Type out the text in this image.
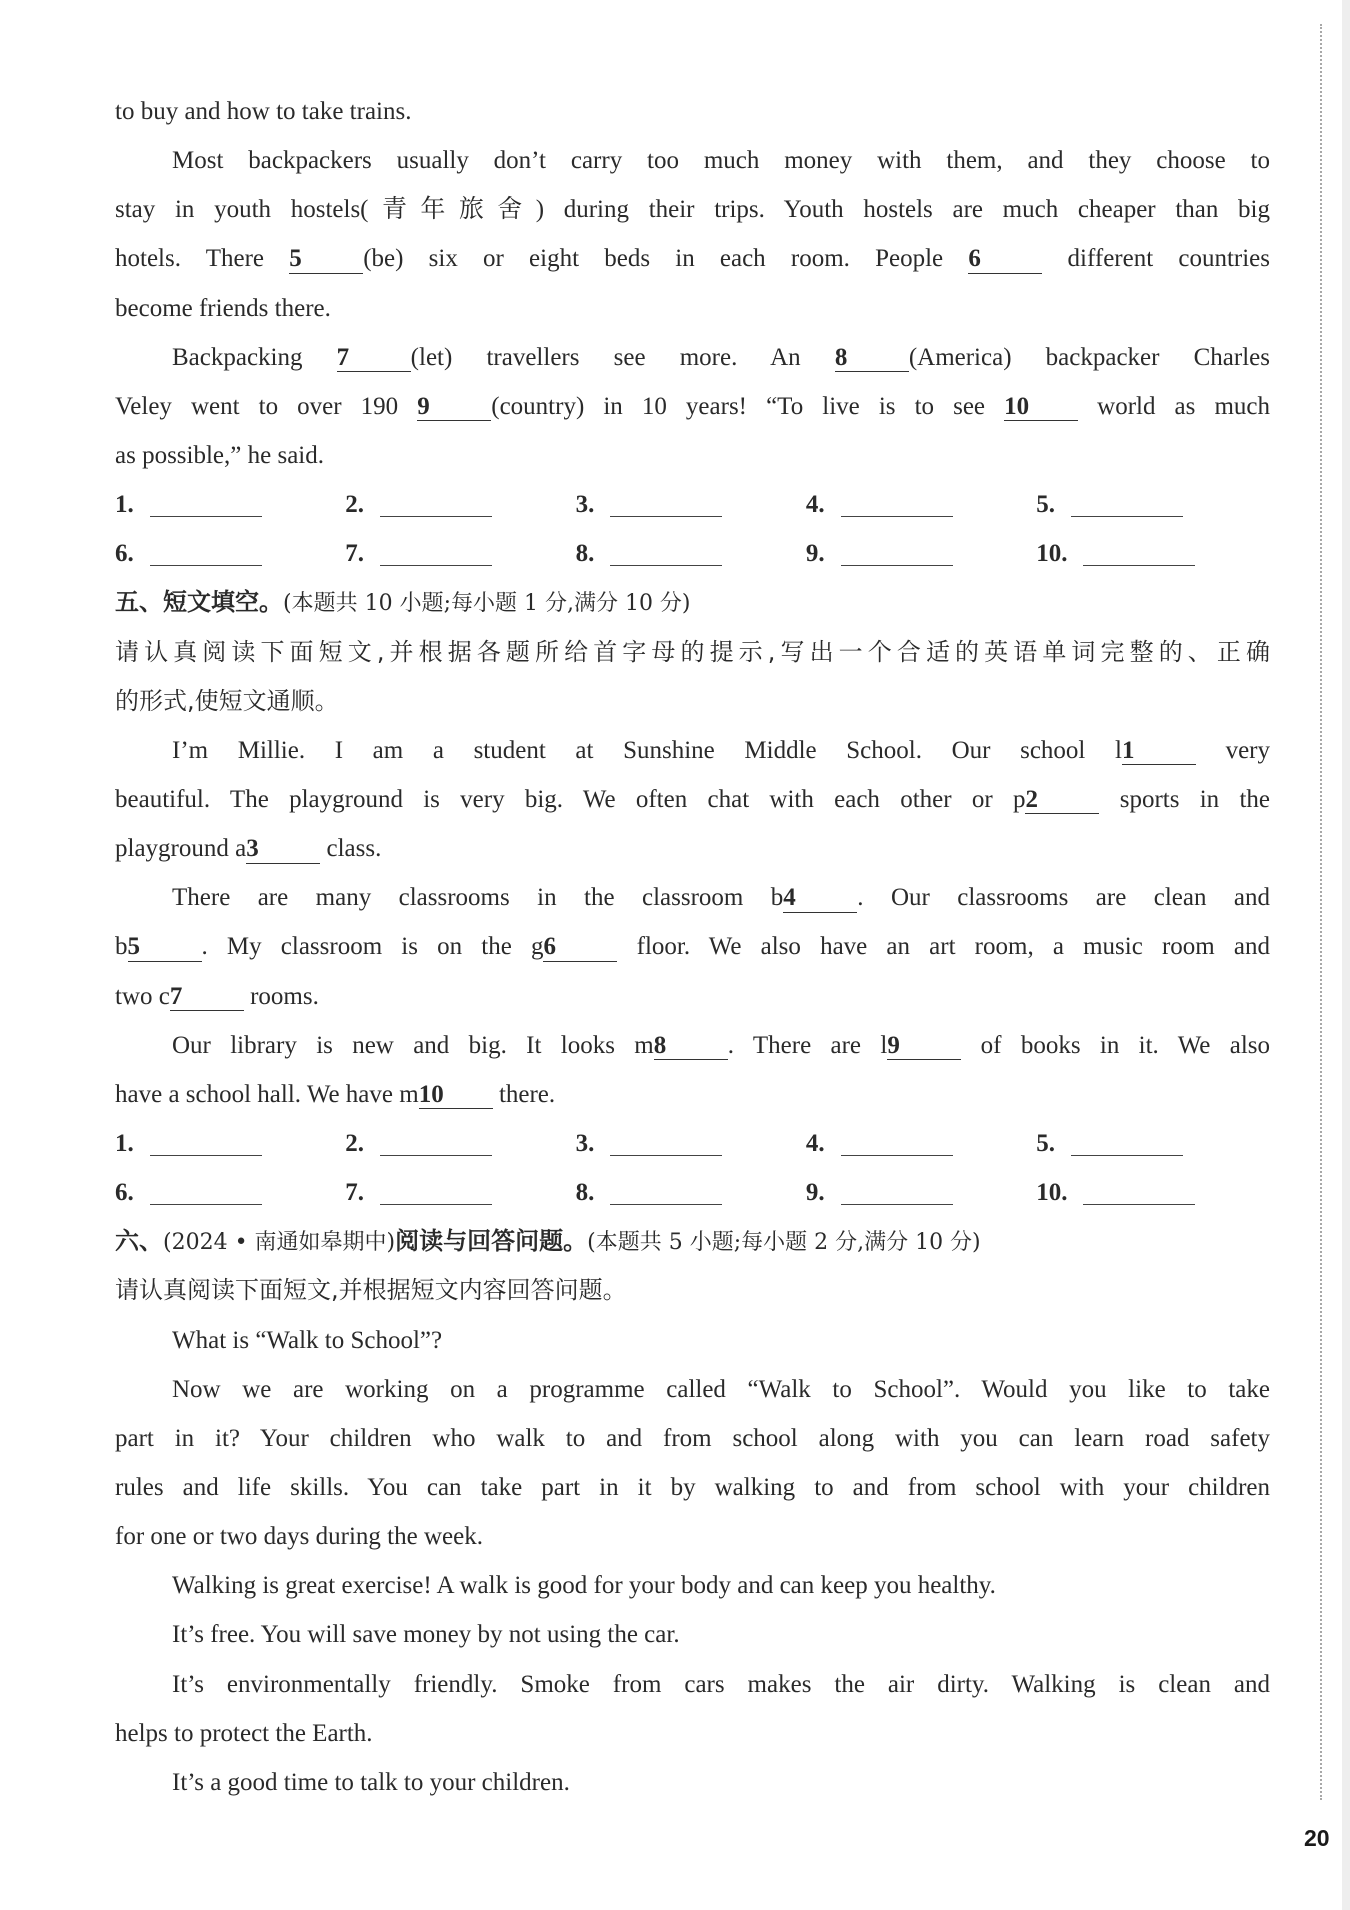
to buy and how to take trains.
Most backpackers usually don’t carry too much money with them, and they choose to
stay in youth hostels(青年旅舍) during their trips. Youth hostels are much cheaper than big
hotels. There 5 (be) six or eight beds in each room. People 6 different countries
become friends there.
Backpacking 7 (let) travellers see more. An 8 (America) backpacker Charles
Veley went to over 190 9 (country) in 10 years! “To live is to see 10 world as much
as possible,” he said.
1.	2.	3.	4.	5.
6.	7.	8.	9.	10.
五、短文填空。(本题共 10 小题;每小题 1 分,满分 10 分)
请认真阅读下面短文,并根据各题所给首字母的提示,写出一个合适的英语单词完整的、正确
的形式,使短文通顺。
I’m Millie. I am a student at Sunshine Middle School. Our school l1 very
beautiful. The playground is very big. We often chat with each other or p2 sports in the
playground a3 class.
There are many classrooms in the classroom b4 . Our classrooms are clean and
b5 . My classroom is on the g6 floor. We also have an art room, a music room and
two c7 rooms.
Our library is new and big. It looks m8 . There are l9 of books in it. We also
have a school hall. We have m10 there.
1.	2.	3.	4.	5.
6.	7.	8.	9.	10.
六、(2024 • 南通如皋期中)阅读与回答问题。(本题共 5 小题;每小题 2 分,满分 10 分)
请认真阅读下面短文,并根据短文内容回答问题。
What is “Walk to School”?
Now we are working on a programme called “Walk to School”. Would you like to take
part in it? Your children who walk to and from school along with you can learn road safety
rules and life skills. You can take part in it by walking to and from school with your children
for one or two days during the week.
Walking is great exercise! A walk is good for your body and can keep you healthy.
It’s free. You will save money by not using the car.
It’s environmentally friendly. Smoke from cars makes the air dirty. Walking is clean and
helps to protect the Earth.
It’s a good time to talk to your children.
20
